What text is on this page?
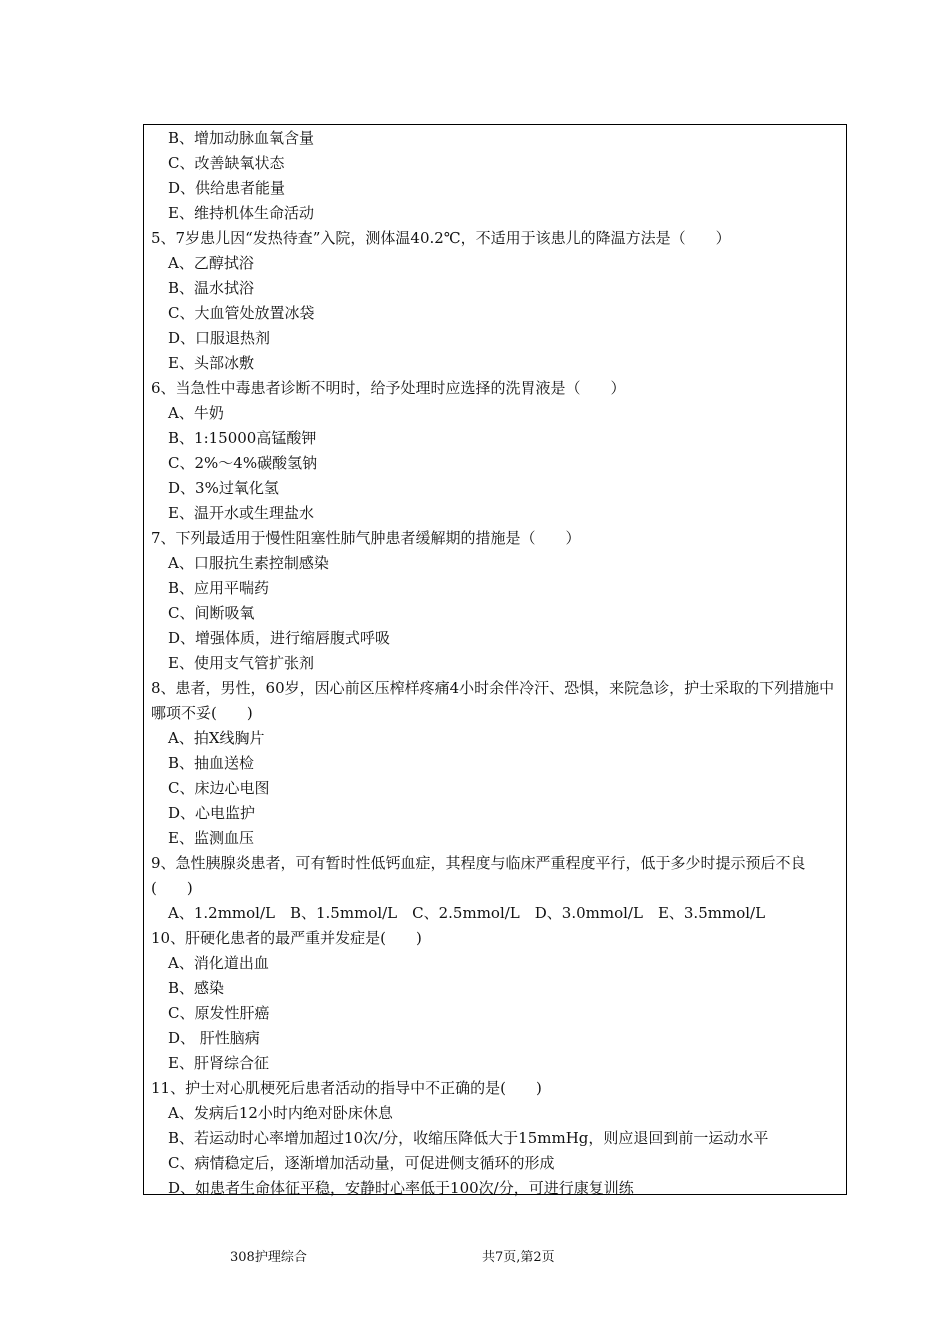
B、增加动脉血氧含量
C、改善缺氧状态
D、供给患者能量
E、维持机体生命活动
5、7岁患儿因“发热待查”入院，测体温40.2℃，不适用于该患儿的降温方法是（　　）
A、乙醇拭浴
B、温水拭浴
C、大血管处放置冰袋
D、口服退热剂
E、头部冰敷
6、当急性中毒患者诊断不明时，给予处理时应选择的洗胃液是（　　）
A、牛奶
B、1:15000高锰酸钾
C、2%～4%碳酸氢钠
D、3%过氧化氢
E、温开水或生理盐水
7、下列最适用于慢性阻塞性肺气肿患者缓解期的措施是（　　）
A、口服抗生素控制感染
B、应用平喘药
C、间断吸氧
D、增强体质，进行缩唇腹式呼吸
E、使用支气管扩张剂
8、患者，男性，60岁，因心前区压榨样疼痛4小时余伴冷汗、恐惧，来院急诊，护士采取的下列措施中哪项不妥(　　)
A、拍X线胸片
B、抽血送检
C、床边心电图
D、心电监护
E、监测血压
9、急性胰腺炎患者，可有暂时性低钙血症，其程度与临床严重程度平行，低于多少时提示预后不良(　　)
A、1.2mmol/L　B、1.5mmol/L　C、2.5mmol/L　D、3.0mmol/L　E、3.5mmol/L
10、肝硬化患者的最严重并发症是(　　)
A、消化道出血
B、感染
C、原发性肝癌
D、 肝性脑病
E、肝肾综合征
11、护士对心肌梗死后患者活动的指导中不正确的是(　　)
A、发病后12小时内绝对卧床休息
B、若运动时心率增加超过10次/分，收缩压降低大于15mmHg，则应退回到前一运动水平
C、病情稳定后，逐渐增加活动量，可促进侧支循环的形成
D、如患者生命体征平稳，安静时心率低于100次/分，可进行康复训练
308护理综合	共7页,第2页
